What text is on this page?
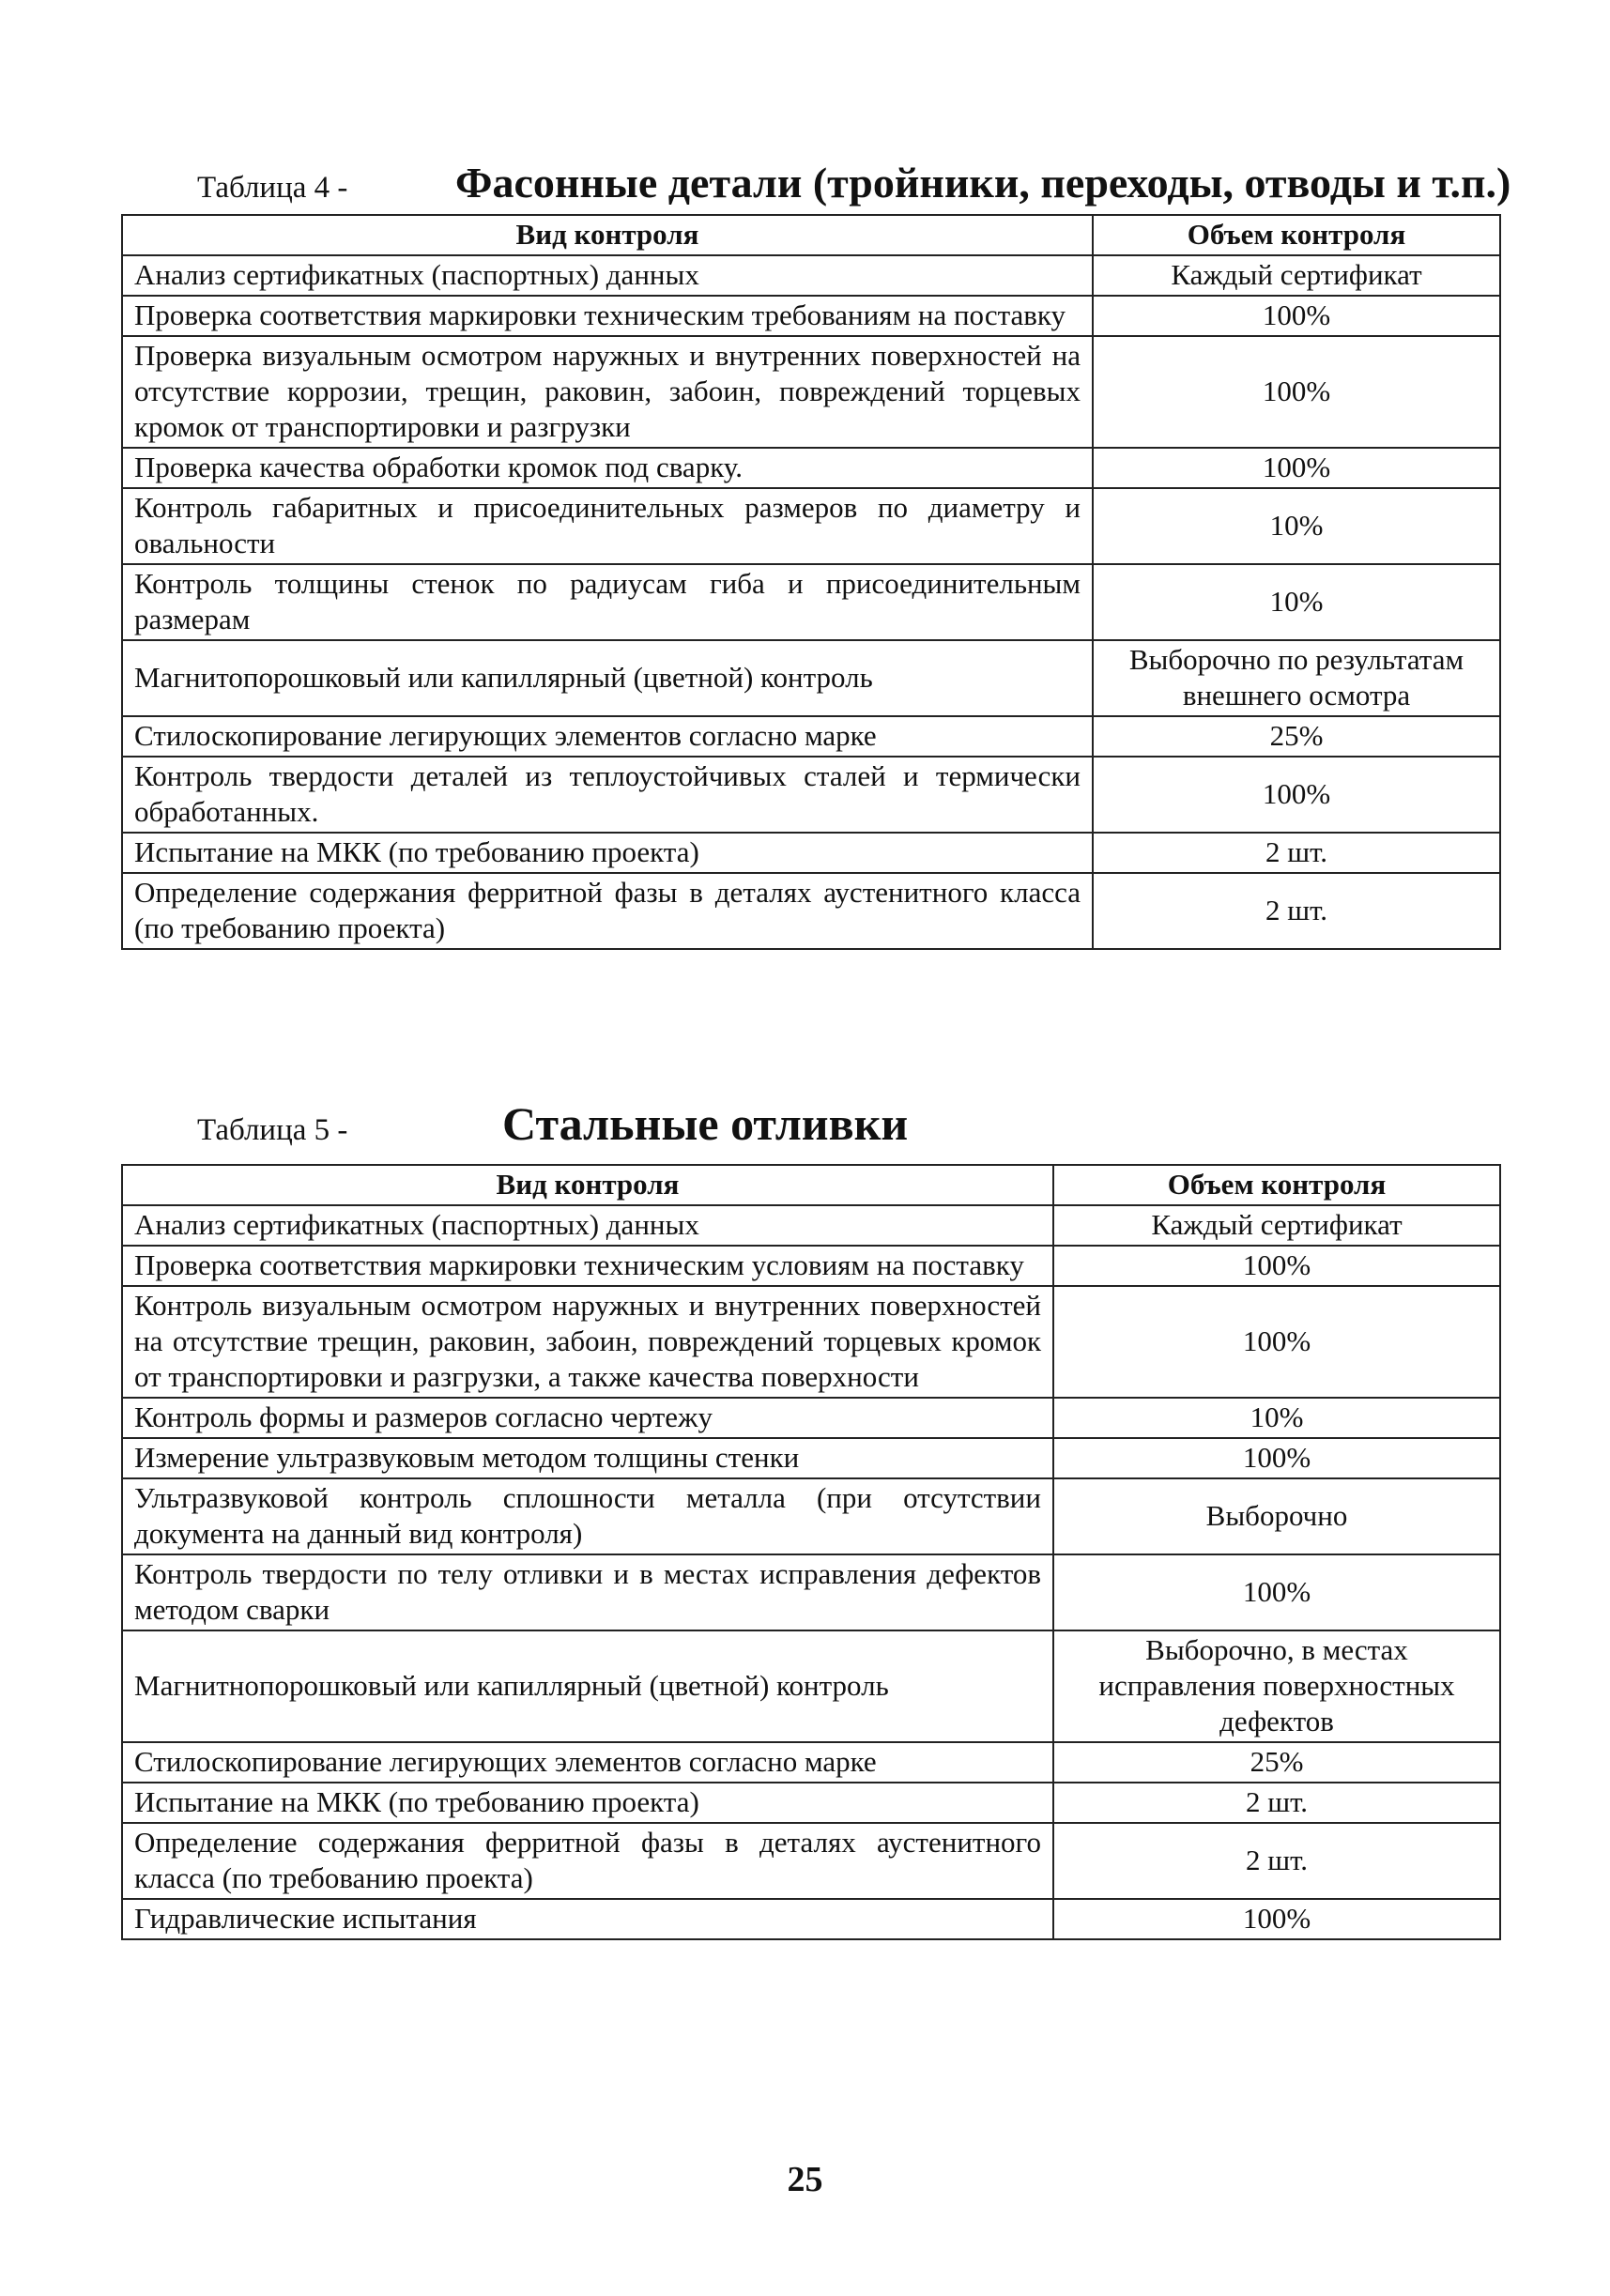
Таблица 4 - Фасонные детали (тройники, переходы, отводы и т.п.)
Вид контроля	Объем контроля
Анализ сертификатных (паспортных) данных	Каждый сертификат
Проверка соответствия маркировки техническим требованиям на поставку	100%
Проверка визуальным осмотром наружных и внутренних поверхностей на отсутствие коррозии, трещин, раковин, забоин, повреждений торцевых кромок от транспортировки и разгрузки	100%
Проверка качества обработки кромок под сварку.	100%
Контроль габаритных и присоединительных размеров по диаметру и овальности	10%
Контроль толщины стенок по радиусам гиба и присоединительным размерам	10%
Магнитопорошковый или капиллярный (цветной) контроль	Выборочно по результатам внешнего осмотра
Стилоскопирование легирующих элементов согласно марке	25%
Контроль твердости деталей из теплоустойчивых сталей и термически обработанных.	100%
Испытание на МКК (по требованию проекта)	2 шт.
Определение содержания ферритной фазы в деталях аустенитного класса (по требованию проекта)	2 шт.
Таблица 5 -	Стальные отливки
Вид контроля	Объем контроля
Анализ сертификатных (паспортных) данных	Каждый сертификат
Проверка соответствия маркировки техническим условиям на поставку	100%
Контроль визуальным осмотром наружных и внутренних поверхностей на отсутствие трещин, раковин, забоин, повреждений торцевых кромок от транспортировки и разгрузки, а также качества поверхности	100%
Контроль формы и размеров согласно чертежу	10%
Измерение ультразвуковым методом толщины стенки	100%
Ультразвуковой контроль сплошности металла (при отсутствии документа на данный вид контроля)	Выборочно
Контроль твердости по телу отливки и в местах исправления дефектов методом сварки	100%
Магнитнопорошковый или капиллярный (цветной) контроль	Выборочно, в местах исправления поверхностных дефектов
Стилоскопирование легирующих элементов согласно марке	25%
Испытание на МКК (по требованию проекта)	2 шт.
Определение содержания ферритной фазы в деталях аустенитного класса (по требованию проекта)	2 шт.
Гидравлические испытания	100%
25
